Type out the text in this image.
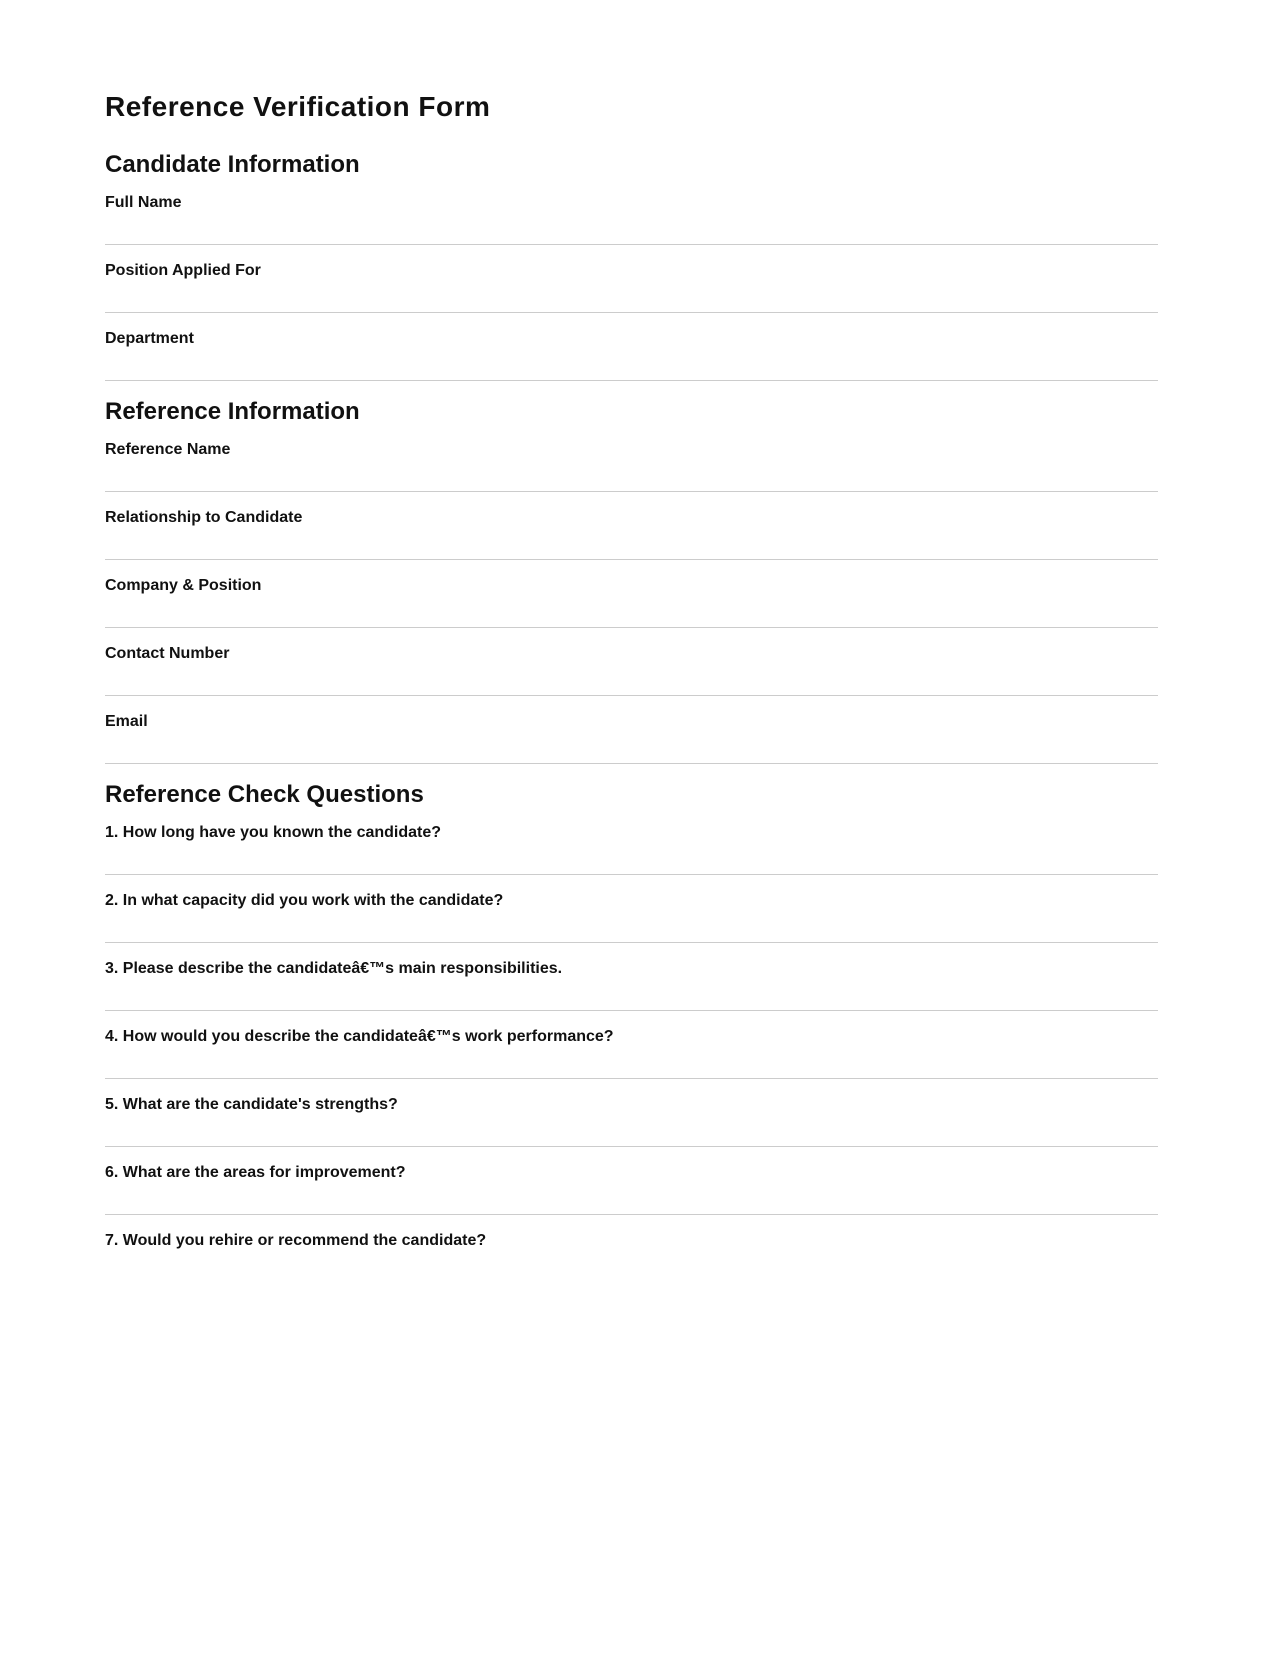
Reference Verification Form
Candidate Information
Full Name
Position Applied For
Department
Reference Information
Reference Name
Relationship to Candidate
Company & Position
Contact Number
Email
Reference Check Questions
1. How long have you known the candidate?
2. In what capacity did you work with the candidate?
3. Please describe the candidateâ€™s main responsibilities.
4. How would you describe the candidateâ€™s work performance?
5. What are the candidate's strengths?
6. What are the areas for improvement?
7. Would you rehire or recommend the candidate?
